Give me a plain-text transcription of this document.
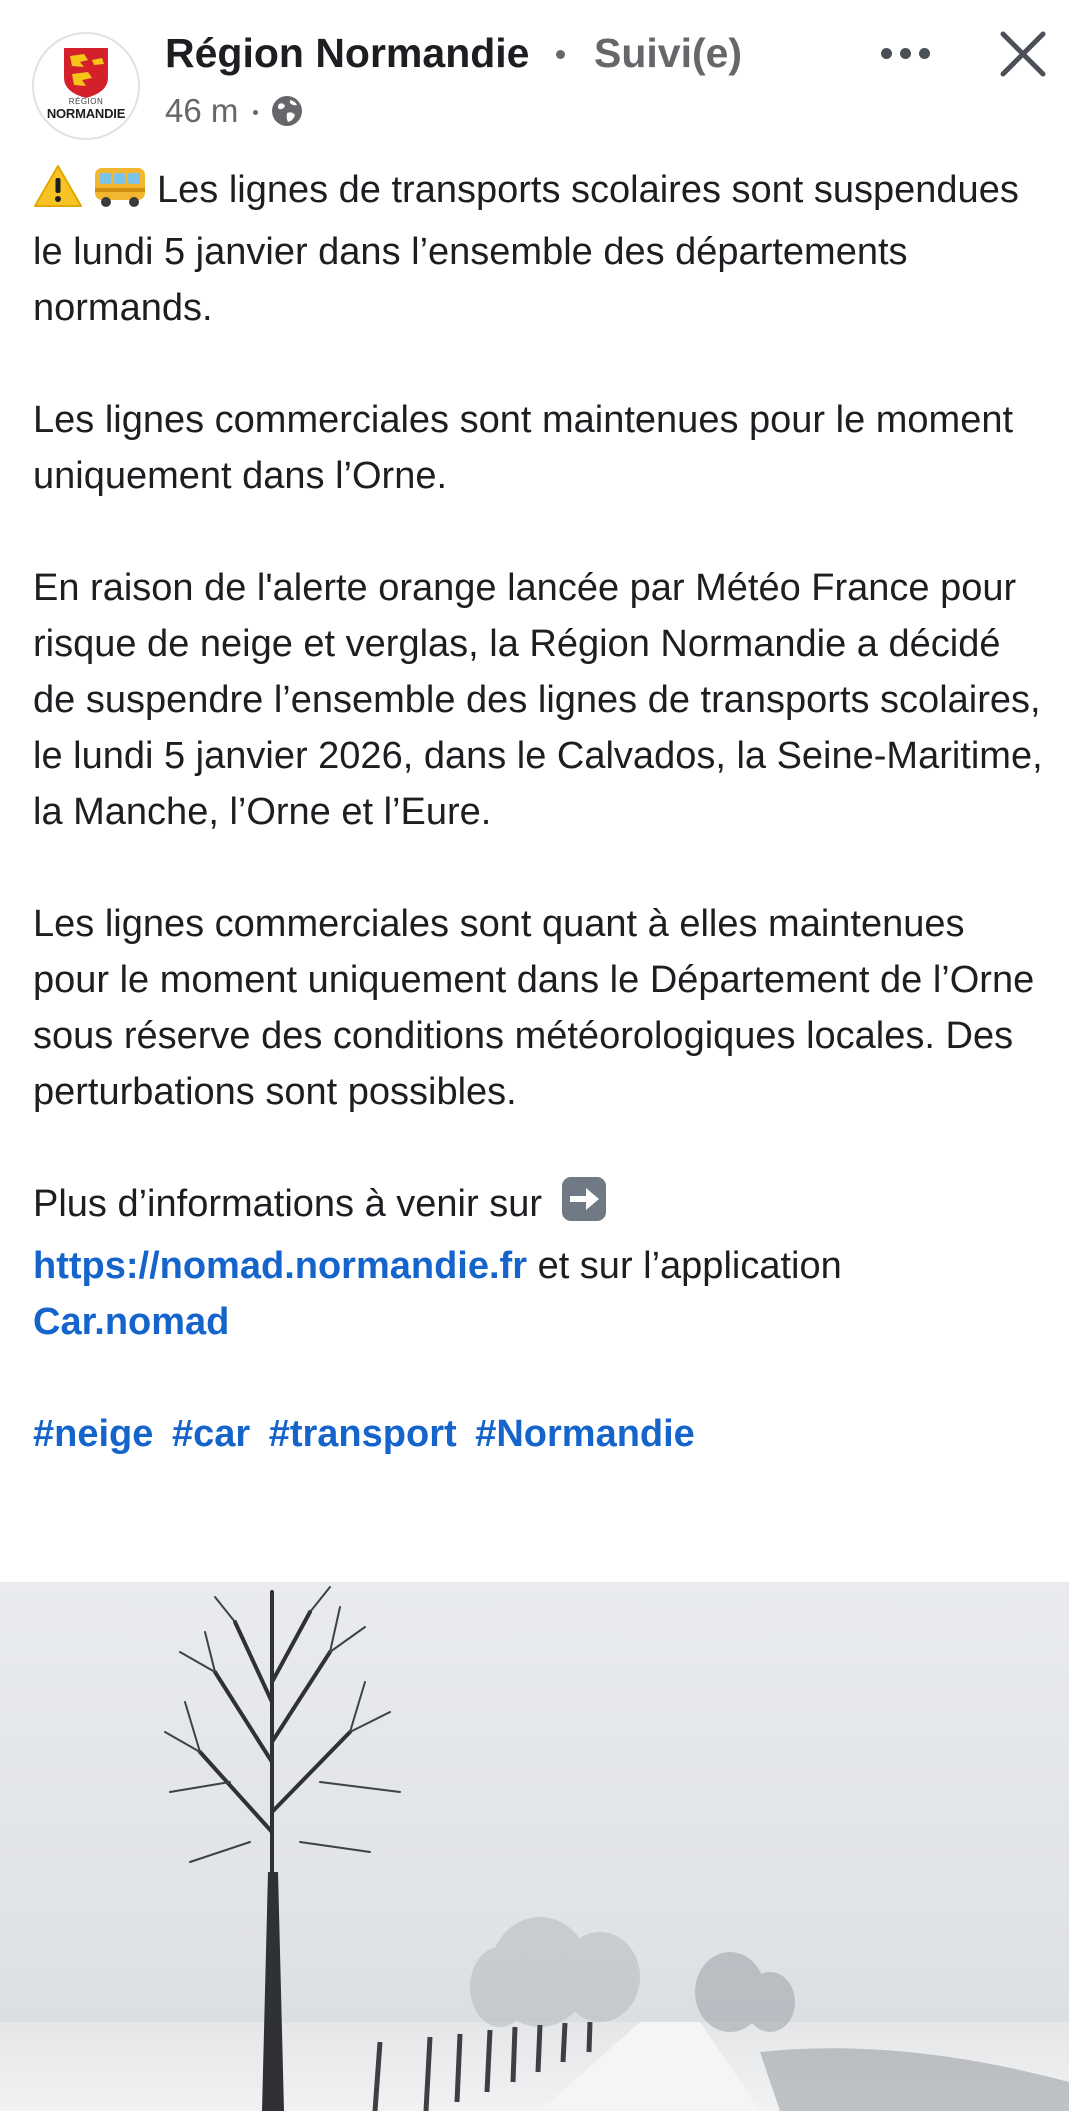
RÉGION
NORMANDIE
Région Normandie Suivi(e)
46 m

Les lignes de transports scolaires sont suspendues le lundi 5 janvier dans l’ensemble des départements normands.

Les lignes commerciales sont maintenues pour le moment uniquement dans l’Orne.

En raison de l'alerte orange lancée par Météo France pour risque de neige et verglas, la Région Normandie a décidé de suspendre l’ensemble des lignes de transports scolaires, le lundi 5 janvier 2026, dans le Calvados, la Seine-Maritime, la Manche, l’Orne et l’Eure.

Les lignes commerciales sont quant à elles maintenues pour le moment uniquement dans le Département de l’Orne sous réserve des conditions météorologiques locales. Des perturbations sont possibles.

Plus d’informations à venir sur
https://nomad.normandie.fr et sur l’application
Car.nomad

#neige #car #transport #Normandie
